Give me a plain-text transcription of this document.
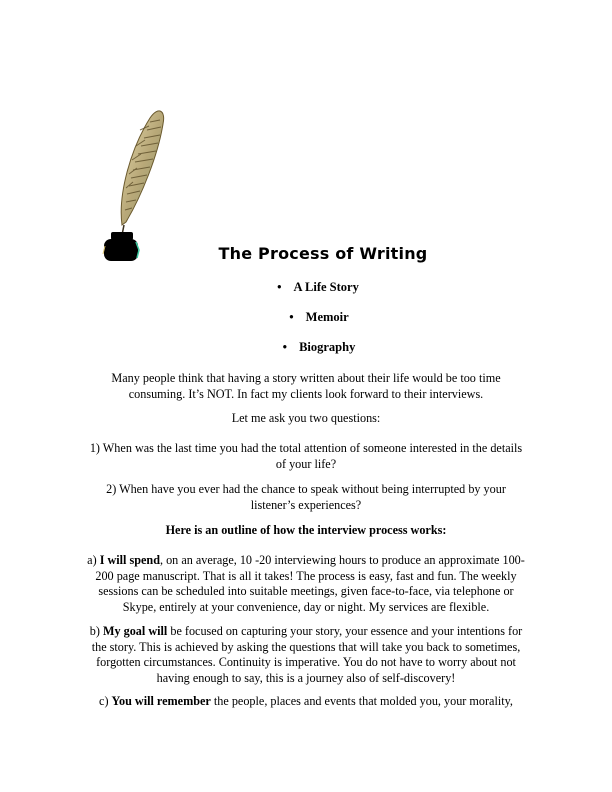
The Process of Writing
• A Life Story
• Memoir
• Biography
Many people think that having a story written about their life would be too time consuming. It’s NOT. In fact my clients look forward to their interviews.
Let me ask you two questions:
1) When was the last time you had the total attention of someone interested in the details of your life?
2) When have you ever had the chance to speak without being interrupted by your listener’s experiences?
Here is an outline of how the interview process works:
a) I will spend, on an average, 10 -20 interviewing hours to produce an approximate 100-200 page manuscript. That is all it takes! The process is easy, fast and fun. The weekly sessions can be scheduled into suitable meetings, given face-to-face, via telephone or Skype, entirely at your convenience, day or night. My services are flexible.
b) My goal will be focused on capturing your story, your essence and your intentions for the story. This is achieved by asking the questions that will take you back to sometimes, forgotten circumstances. Continuity is imperative. You do not have to worry about not having enough to say, this is a journey also of self-discovery!
c) You will remember the people, places and events that molded you, your morality,
